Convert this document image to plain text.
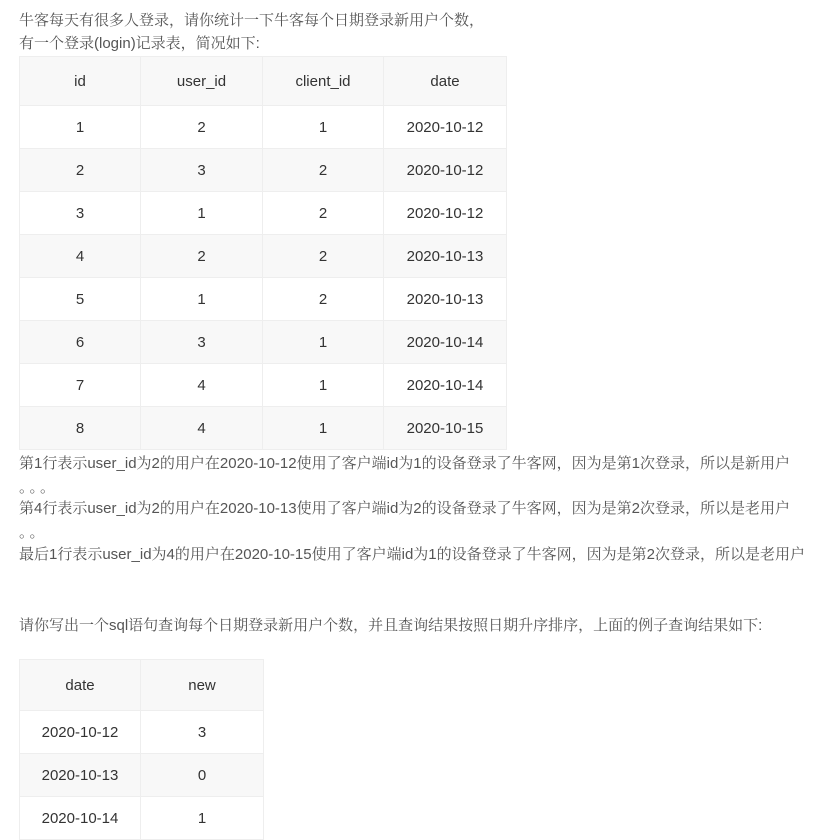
牛客每天有很多人登录，请你统计一下牛客每个日期登录新用户个数，

有一个登录(login)记录表，简况如下:

id	user_id	client_id	date
1	2	1	2020-10-12
2	3	2	2020-10-12
3	1	2	2020-10-12
4	2	2	2020-10-13
5	1	2	2020-10-13
6	3	1	2020-10-14
7	4	1	2020-10-14
8	4	1	2020-10-15

第1行表示user_id为2的用户在2020-10-12使用了客户端id为1的设备登录了牛客网，因为是第1次登录，所以是新用户

。。。

第4行表示user_id为2的用户在2020-10-13使用了客户端id为2的设备登录了牛客网，因为是第2次登录，所以是老用户

。。

最后1行表示user_id为4的用户在2020-10-15使用了客户端id为1的设备登录了牛客网，因为是第2次登录，所以是老用户

请你写出一个sql语句查询每个日期登录新用户个数，并且查询结果按照日期升序排序，上面的例子查询结果如下:

date	new
2020-10-12	3
2020-10-13	0
2020-10-14	1
